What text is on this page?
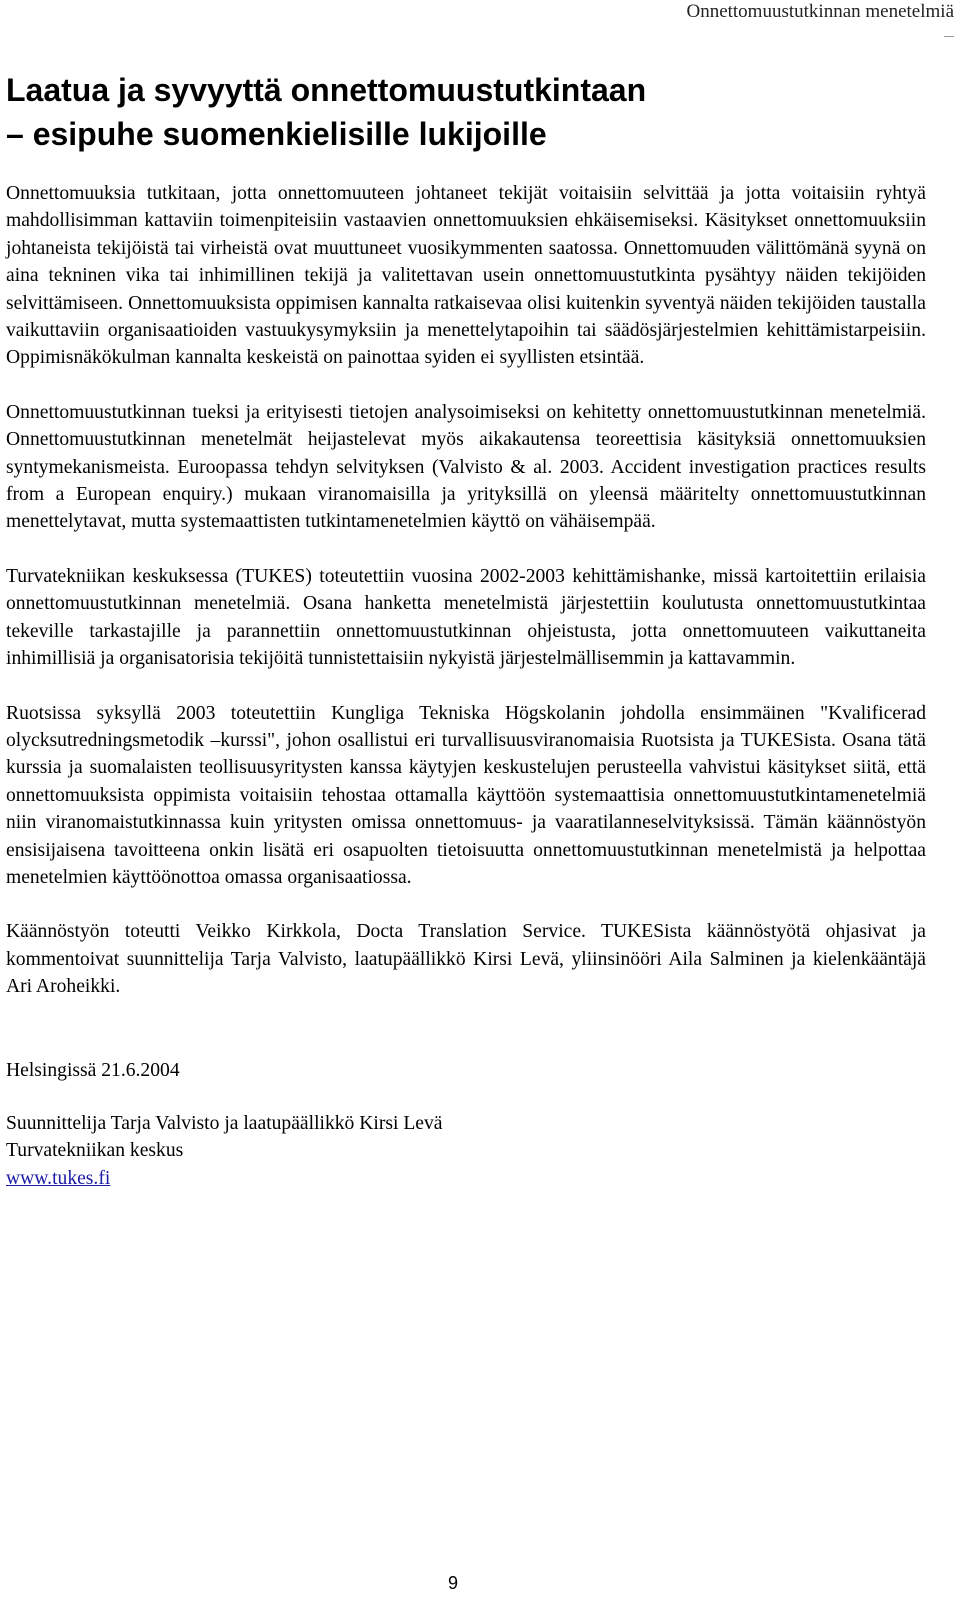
Onnettomuustutkinnan menetelmiä
Laatua ja syvyyttä onnettomuustutkintaan
– esipuhe suomenkielisille lukijoille

Onnettomuuksia tutkitaan, jotta onnettomuuteen johtaneet tekijät voitaisiin selvittää ja jotta voitaisiin ryhtyä mahdollisimman kattaviin toimenpiteisiin vastaavien onnettomuuksien ehkäisemiseksi. Käsitykset onnettomuuksiin johtaneista tekijöistä tai virheistä ovat muuttuneet vuosikymmenten saatossa. Onnettomuuden välittömänä syynä on aina tekninen vika tai inhimillinen tekijä ja valitettavan usein onnettomuustutkinta pysähtyy näiden tekijöiden selvittämiseen. Onnettomuuksista oppimisen kannalta ratkaisevaa olisi kuitenkin syventyä näiden tekijöiden taustalla vaikuttaviin organisaatioiden vastuukysymyksiin ja menettelytapoihin tai säädösjärjestelmien kehittämistarpeisiin. Oppimisnäkökulman kannalta keskeistä on painottaa syiden ei syyllisten etsintää.

Onnettomuustutkinnan tueksi ja erityisesti tietojen analysoimiseksi on kehitetty onnettomuustutkinnan menetelmiä. Onnettomuustutkinnan menetelmät heijastelevat myös aikakautensa teoreettisia käsityksiä onnettomuuksien syntymekanismeista. Euroopassa tehdyn selvityksen (Valvisto & al. 2003. Accident investigation practices results from a European enquiry.) mukaan viranomaisilla ja yrityksillä on yleensä määritelty onnettomuustutkinnan menettelytavat, mutta systemaattisten tutkintamenetelmien käyttö on vähäisempää.

Turvatekniikan keskuksessa (TUKES) toteutettiin vuosina 2002-2003 kehittämishanke, missä kartoitettiin erilaisia onnettomuustutkinnan menetelmiä. Osana hanketta menetelmistä järjestettiin koulutusta onnettomuustutkintaa tekeville tarkastajille ja parannettiin onnettomuustutkinnan ohjeistusta, jotta onnettomuuteen vaikuttaneita inhimillisiä ja organisatorisia tekijöitä tunnistettaisiin nykyistä järjestelmällisemmin ja kattavammin.

Ruotsissa syksyllä 2003 toteutettiin Kungliga Tekniska Högskolanin johdolla ensimmäinen "Kvalificerad olycksutredningsmetodik –kurssi", johon osallistui eri turvallisuusviranomaisia Ruotsista ja TUKESista. Osana tätä kurssia ja suomalaisten teollisuusyritysten kanssa käytyjen keskustelujen perusteella vahvistui käsitykset siitä, että onnettomuuksista oppimista voitaisiin tehostaa ottamalla käyttöön systemaattisia onnettomuustutkintamenetelmiä niin viranomaistutkinnassa kuin yritysten omissa onnettomuus- ja vaaratilanneselvityksissä. Tämän käännöstyön ensisijaisena tavoitteena onkin lisätä eri osapuolten tietoisuutta onnettomuustutkinnan menetelmistä ja helpottaa menetelmien käyttöönottoa omassa organisaatiossa.

Käännöstyön toteutti Veikko Kirkkola, Docta Translation Service. TUKESista käännöstyötä ohjasivat ja kommentoivat suunnittelija Tarja Valvisto, laatupäällikkö Kirsi Levä, yliinsinööri Aila Salminen ja kielenkääntäjä Ari Aroheikki.

Helsingissä 21.6.2004

Suunnittelija Tarja Valvisto ja laatupäällikkö Kirsi Levä
Turvatekniikan keskus
www.tukes.fi

9
